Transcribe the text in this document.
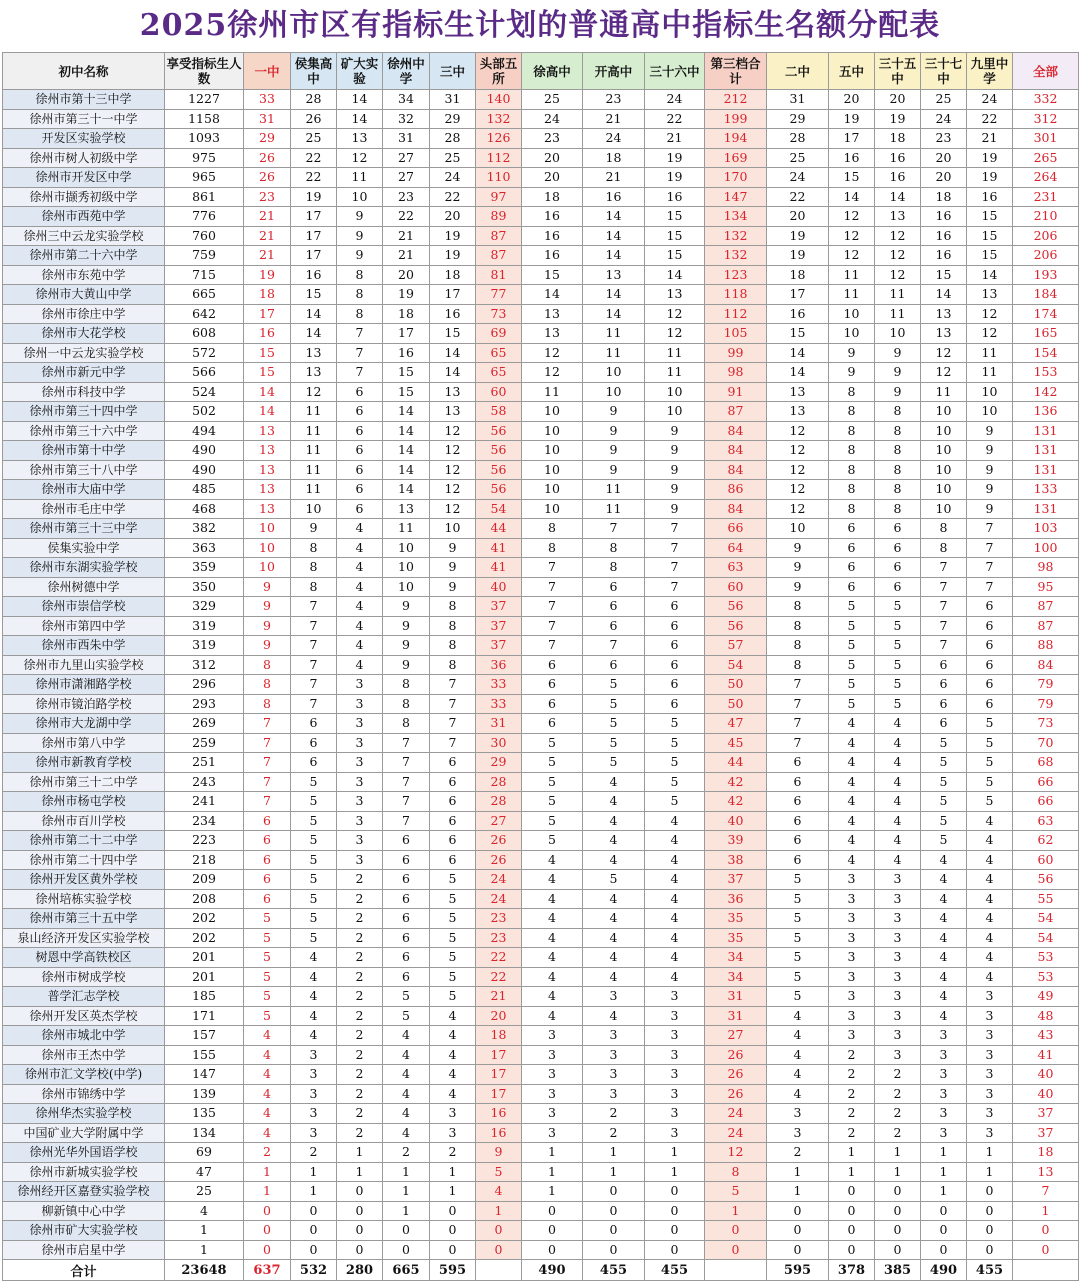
2025徐州市区有指标生计划的普通高中指标生名额分配表
初中名称	享受指标生人数	一中	侯集高中	矿大实验	徐州中学	三中	头部五所	徐高中	开高中	三十六中	第三档合计	二中	五中	三十五中	三十七中	九里中学	全部
徐州市第十三中学	1227	33	28	14	34	31	140	25	23	24	212	31	20	20	25	24	332
徐州市第三十一中学	1158	31	26	14	32	29	132	24	21	22	199	29	19	19	24	22	312
开发区实验学校	1093	29	25	13	31	28	126	23	24	21	194	28	17	18	23	21	301
徐州市树人初级中学	975	26	22	12	27	25	112	20	18	19	169	25	16	16	20	19	265
徐州市开发区中学	965	26	22	11	27	24	110	20	21	19	170	24	15	16	20	19	264
徐州市撷秀初级中学	861	23	19	10	23	22	97	18	16	16	147	22	14	14	18	16	231
徐州市西苑中学	776	21	17	9	22	20	89	16	14	15	134	20	12	13	16	15	210
徐州三中云龙实验学校	760	21	17	9	21	19	87	16	14	15	132	19	12	12	16	15	206
徐州市第二十六中学	759	21	17	9	21	19	87	16	14	15	132	19	12	12	16	15	206
徐州市东苑中学	715	19	16	8	20	18	81	15	13	14	123	18	11	12	15	14	193
徐州市大黄山中学	665	18	15	8	19	17	77	14	14	13	118	17	11	11	14	13	184
徐州市徐庄中学	642	17	14	8	18	16	73	13	14	12	112	16	10	11	13	12	174
徐州市大花学校	608	16	14	7	17	15	69	13	11	12	105	15	10	10	13	12	165
徐州一中云龙实验学校	572	15	13	7	16	14	65	12	11	11	99	14	9	9	12	11	154
徐州市新元中学	566	15	13	7	15	14	65	12	10	11	98	14	9	9	12	11	153
徐州市科技中学	524	14	12	6	15	13	60	11	10	10	91	13	8	9	11	10	142
徐州市第三十四中学	502	14	11	6	14	13	58	10	9	10	87	13	8	8	10	10	136
徐州市第三十六中学	494	13	11	6	14	12	56	10	9	9	84	12	8	8	10	9	131
徐州市第十中学	490	13	11	6	14	12	56	10	9	9	84	12	8	8	10	9	131
徐州市第三十八中学	490	13	11	6	14	12	56	10	9	9	84	12	8	8	10	9	131
徐州市大庙中学	485	13	11	6	14	12	56	10	11	9	86	12	8	8	10	9	133
徐州市毛庄中学	468	13	10	6	13	12	54	10	11	9	84	12	8	8	10	9	131
徐州市第三十三中学	382	10	9	4	11	10	44	8	7	7	66	10	6	6	8	7	103
侯集实验中学	363	10	8	4	10	9	41	8	8	7	64	9	6	6	8	7	100
徐州市东湖实验学校	359	10	8	4	10	9	41	7	8	7	63	9	6	6	7	7	98
徐州树德中学	350	9	8	4	10	9	40	7	6	7	60	9	6	6	7	7	95
徐州市崇信学校	329	9	7	4	9	8	37	7	6	6	56	8	5	5	7	6	87
徐州市第四中学	319	9	7	4	9	8	37	7	6	6	56	8	5	5	7	6	87
徐州市西朱中学	319	9	7	4	9	8	37	7	7	6	57	8	5	5	7	6	88
徐州市九里山实验学校	312	8	7	4	9	8	36	6	6	6	54	8	5	5	6	6	84
徐州市潇湘路学校	296	8	7	3	8	7	33	6	5	6	50	7	5	5	6	6	79
徐州市镜泊路学校	293	8	7	3	8	7	33	6	5	6	50	7	5	5	6	6	79
徐州市大龙湖中学	269	7	6	3	8	7	31	6	5	5	47	7	4	4	6	5	73
徐州市第八中学	259	7	6	3	7	7	30	5	5	5	45	7	4	4	5	5	70
徐州市新教育学校	251	7	6	3	7	6	29	5	5	5	44	6	4	4	5	5	68
徐州市第三十二中学	243	7	5	3	7	6	28	5	4	5	42	6	4	4	5	5	66
徐州市杨屯学校	241	7	5	3	7	6	28	5	4	5	42	6	4	4	5	5	66
徐州市百川学校	234	6	5	3	7	6	27	5	4	4	40	6	4	4	5	4	63
徐州市第二十二中学	223	6	5	3	6	6	26	5	4	4	39	6	4	4	5	4	62
徐州市第二十四中学	218	6	5	3	6	6	26	4	4	4	38	6	4	4	4	4	60
徐州开发区黄外学校	209	6	5	2	6	5	24	4	5	4	37	5	3	3	4	4	56
徐州培栋实验学校	208	6	5	2	6	5	24	4	4	4	36	5	3	3	4	4	55
徐州市第三十五中学	202	5	5	2	6	5	23	4	4	4	35	5	3	3	4	4	54
泉山经济开发区实验学校	202	5	5	2	6	5	23	4	4	4	35	5	3	3	4	4	54
树恩中学高铁校区	201	5	4	2	6	5	22	4	4	4	34	5	3	3	4	4	53
徐州市树成学校	201	5	4	2	6	5	22	4	4	4	34	5	3	3	4	4	53
普学汇志学校	185	5	4	2	5	5	21	4	3	3	31	5	3	3	4	3	49
徐州开发区英杰学校	171	5	4	2	5	4	20	4	4	3	31	4	3	3	4	3	48
徐州市城北中学	157	4	4	2	4	4	18	3	3	3	27	4	3	3	3	3	43
徐州市王杰中学	155	4	3	2	4	4	17	3	3	3	26	4	2	3	3	3	41
徐州市汇文学校(中学)	147	4	3	2	4	4	17	3	3	3	26	4	2	2	3	3	40
徐州市锦绣中学	139	4	3	2	4	4	17	3	3	3	26	4	2	2	3	3	40
徐州华杰实验学校	135	4	3	2	4	3	16	3	2	3	24	3	2	2	3	3	37
中国矿业大学附属中学	134	4	3	2	4	3	16	3	2	3	24	3	2	2	3	3	37
徐州光华外国语学校	69	2	2	1	2	2	9	1	1	1	12	2	1	1	1	1	18
徐州市新城实验学校	47	1	1	1	1	1	5	1	1	1	8	1	1	1	1	1	13
徐州经开区嘉登实验学校	25	1	1	0	1	1	4	1	0	0	5	1	0	0	1	0	7
柳新镇中心中学	4	0	0	0	1	0	1	0	0	0	1	0	0	0	0	0	1
徐州市矿大实验学校	1	0	0	0	0	0	0	0	0	0	0	0	0	0	0	0	0
徐州市启星中学	1	0	0	0	0	0	0	0	0	0	0	0	0	0	0	0	0
合计	23648	637	532	280	665	595		490	455	455		595	378	385	490	455	
